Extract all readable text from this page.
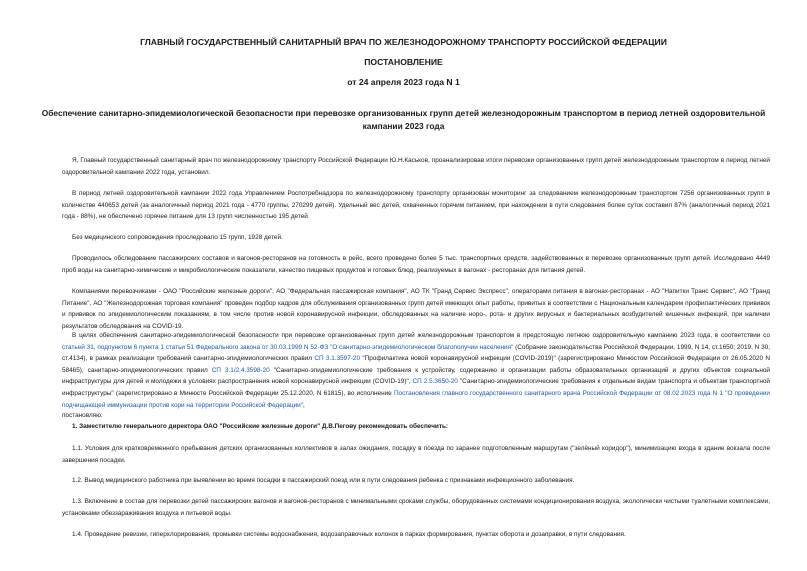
ГЛАВНЫЙ ГОСУДАРСТВЕННЫЙ САНИТАРНЫЙ ВРАЧ ПО ЖЕЛЕЗНОДОРОЖНОМУ ТРАНСПОРТУ РОССИЙСКОЙ ФЕДЕРАЦИИ
ПОСТАНОВЛЕНИЕ
от 24 апреля 2023 года N 1
Обеспечение санитарно-эпидемиологической безопасности при перевозке организованных групп детей железнодорожным транспортом в период летней оздоровительной кампании 2023 года

Я, Главный государственный санитарный врач по железнодорожному транспорту Российской Федерации Ю.Н.Каськов, проанализировав итоги перевозки организованных групп детей железнодорожным транспортом в период летней оздоровительной кампании 2022 года, установил.

В период летней оздоровительной кампании 2022 года Управлением Роспотребнадзора по железнодорожному транспорту организован мониторинг за следованием железнодорожным транспортом 7256 организованных групп в количестве 440653 детей (за аналогичный период 2021 года - 4770 группы, 270299 детей). Удельный вес детей, охваченных горячим питанием, при нахождении в пути следования более суток составил 87% (аналогичный период 2021 года - 88%), не обеспечено горячее питание для 13 групп численностью 195 детей.

Без медицинского сопровождения проследовало 15 групп, 1928 детей.

Проводилось обследование пассажирских составов и вагонов-ресторанов на готовность в рейс, всего проведено более 5 тыс. транспортных средств, задействованных в перевозке организованных групп детей. Исследовано 4449 проб воды на санитарно-химические и микробиологические показатели, качество пищевых продуктов и готовых блюд, реализуемых в вагонах - ресторанах для питания детей.

Компаниями перевозчиками - ОАО "Российские железные дороги", АО "Федеральная пассажирская компания", АО ТК "Гранд Сервис Экспресс", операторами питания в вагонах-ресторанах - АО "Напитки Транс Сервис", АО "Гранд Питание", АО "Железнодорожная торговая компания" проведен подбор кадров для обслуживания организованных групп детей имеющих опыт работы, привитых в соответствии с Национальным календарем профилактических прививок и прививок по эпидемиологическим показаниям, в том числе против новой коронавирусной инфекции, обследованных на наличие норо-, рота- и других вирусных и бактериальных возбудителей кишечных инфекций, при наличии результатов обследования на COVID-19.

В целях обеспечения санитарно-эпидемиологической безопасности при перевозке организованных групп детей железнодорожным транспортом в предстоящую летнюю оздоровительную кампанию 2023 года, в соответствии со статьей 31, подпунктом 6 пункта 1 статьи 51 Федерального закона от 30.03.1999 N 52-ФЗ "О санитарно-эпидемиологическом благополучии населения" (Собрание законодательства Российской Федерации, 1999, N 14, ст.1650; 2019, N 30, ст.4134), в рамках реализации требований санитарно-эпидемиологических правил СП 3.1.3597-20 "Профилактика новой коронавирусной инфекции (COVID-2019)" (зарегистрировано Минюстом Российской Федерации от 26.05.2020 N 58465), санитарно-эпидемиологических правил СП 3.1/2.4.3598-20 "Санитарно-эпидемиологические требования к устройству, содержанию и организации работы образовательных организаций и других объектов социальной инфраструктуры для детей и молодежи в условиях распространения новой коронавирусной инфекции (COVID-19)", СП 2.5.3650-20 "Санитарно-эпидемиологические требования к отдельным видам транспорта и объектам транспортной инфраструктуры" (зарегистрировано в Минюсте Российской Федерации 25.12.2020, N 61815), во исполнение Постановления главного государственного санитарного врача Российской Федерации от 08.02.2023 года N 1 "О проведении подчищающей иммунизации против кори на территории Российской Федерации",

постановляю:

1. Заместителю генерального директора ОАО "Российские железные дороги" Д.В.Пегову рекомендовать обеспечить:

1.1. Условия для кратковременного пребывания детских организованных коллективов в залах ожидания, посадку в поезда по заранее подготовленным маршрутам ("зелёный коридор"), минимизацию входа в здание вокзала после завершения посадки.

1.2. Вывод медицинского работника при выявлении во время посадки в пассажирский поезд или в пути следования ребенка с признаками инфекционного заболевания.

1.3. Включение в состав для перевозки детей пассажирских вагонов и вагонов-ресторанов с минимальными сроками службы, оборудованных системами кондиционирования воздуха, экологически чистыми туалетными комплексами, установками обеззараживания воздуха и питьевой воды.

1.4. Проведение ревизии, гиперхлорирования, промывки системы водоснабжения, водозаправочных колонок в парках формирования, пунктах оборота и дозаправки, в пути следования.
